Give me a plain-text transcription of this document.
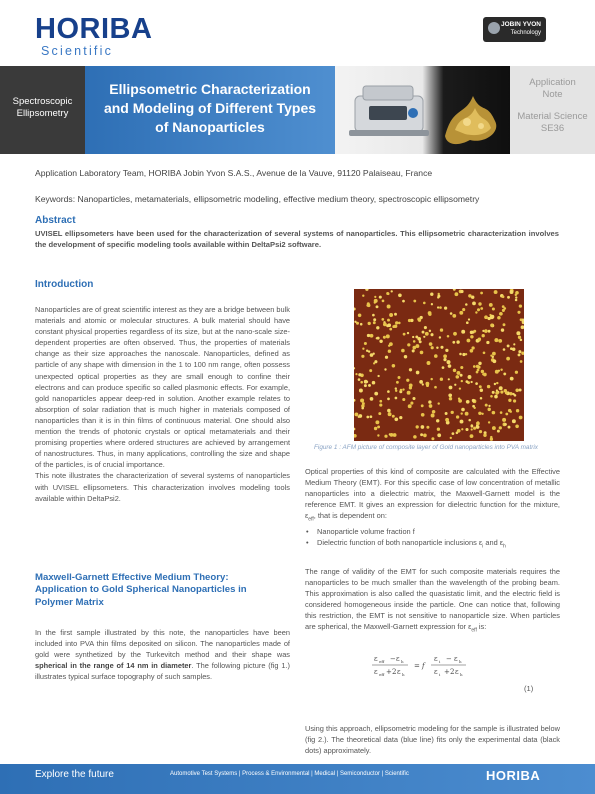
HORIBA
Scientific
JOBIN YVON
Technology
Spectroscopic
Ellipsometry
Ellipsometric Characterization
and Modeling of Different Types
of Nanoparticles
Application
Note
Material Science
SE36
Application Laboratory Team, HORIBA Jobin Yvon S.A.S., Avenue de la Vauve, 91120 Palaiseau, France
Keywords: Nanoparticles, metamaterials, ellipsometric modeling, effective medium theory, spectroscopic ellipsometry
Abstract
UVISEL ellipsometers have been used for the characterization of several systems of nanoparticles. This ellipsometric characterization involves the development of specific modeling tools available within DeltaPsi2 software.
Introduction

Nanoparticles are of great scientific interest as they are a bridge between bulk materials and atomic or molecular structures. A bulk material should have constant physical properties regardless of its size, but at the nano-scale size-dependent properties are often observed. Thus, the properties of materials change as their size approaches the nanoscale. Nanoparticles, defined as particle of any shape with dimension in the 1 to 100 nm range, often possess unexpected optical properties as they are small enough to confine their electrons and can produce specific so called plasmonic effects. For example, gold nanoparticles appear deep-red in solution. Another example relates to absorption of solar radiation that is much higher in materials composed of nanoparticles than it is in thin films of continuous material. One should also mention the trends of photonic crystals or optical metamaterials and their promising properties where ordered structures are achieved by arrangement of nanostructures. Thus, in many applications, controlling the size and shape of the particles, is of crucial importance.

This note illustrates the characterization of several systems of nanoparticles with UVISEL ellipsometers. This characterization involves modeling tools available within DeltaPsi2.

Maxwell-Garnett Effective Medium Theory:
Application to Gold Spherical Nanoparticles in
Polymer Matrix

In the first sample illustrated by this note, the nanoparticles have been included into PVA thin films deposited on silicon. The nanoparticles made of gold were synthetized by the Turkevitch method and their shape was spherical in the range of 14 nm in diameter. The following picture (fig 1.) illustrates typical surface topography of such samples.

Figure 1 : AFM picture of composite layer of Gold nanoparticles into PVA matrix

Optical properties of this kind of composite are calculated with the Effective Medium Theory (EMT). For this specific case of low concentration of metallic nanoparticles into a dielectric matrix, the Maxwell-Garnett model is the reference EMT. It gives an expression for dielectric function for the mixture, $\varepsilon_{eff}$, that is dependent on:

• Nanoparticle volume fraction f
• Dielectric function of both nanoparticle inclusions $\varepsilon_i$ and $\varepsilon_h$

The range of validity of the EMT for such composite materials requires the nanoparticles to be much smaller than the wavelength of the probing beam. This approximation is also called the quasistatic limit, and the electric field is considered homogeneous inside the particle. One can notice that, following this restriction, the EMT is not sensitive to nanoparticle size. When particles are spherical, the Maxwell-Garnett expression for $\varepsilon_{eff}$ is:

ε eff − ε h
ε eff + 2 ε h
= f
ε i − ε h
ε i + 2 ε h
(1)

Using this approach, ellipsometric modeling for the sample is illustrated below (fig 2.). The theoretical data (blue line) fits only the experimental data (black dots) approximately.

Explore the future	Automotive Test Systems | Process & Environmental | Medical | Semiconductor | Scientific	HORIBA
